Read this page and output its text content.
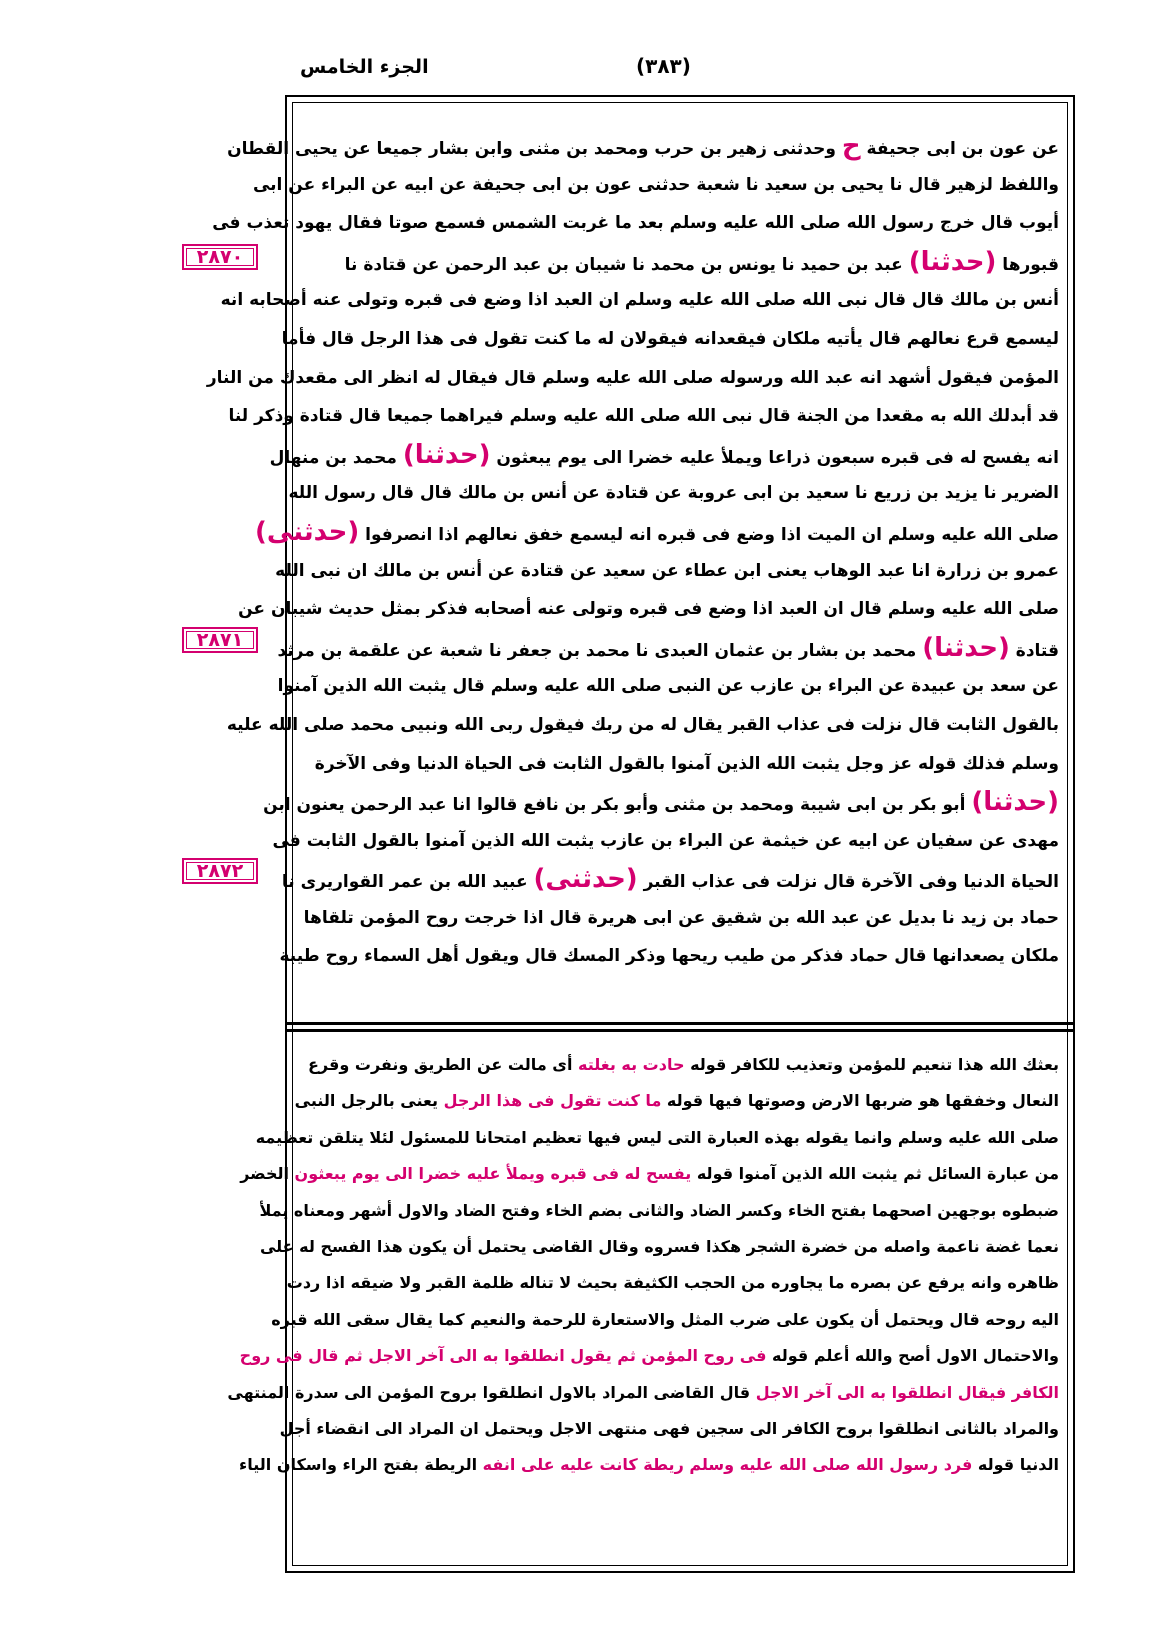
الجزء الخامس	(٣٨٣)
٢٨٧٠
٢٨٧١
٢٨٧٢
عن عون بن ابی جحیفة ح وحدثنی زھیر بن حرب ومحمد بن مثنی وابن بشار جمیعا عن یحیی القطان
واللفظ لزھیر قال نا یحیی بن سعید نا شعبة حدثنی عون بن ابی جحیفة عن ابیه عن البراء عن ابی
أیوب قال خرج رسول الله صلی الله علیه وسلم بعد ما غربت الشمس فسمع صوتا فقال یھود تعذب فی
قبورھا (حدثنا) عبد بن حمید نا یونس بن محمد نا شیبان بن عبد الرحمن عن قتادة نا
أنس بن مالك قال قال نبی الله صلی الله علیه وسلم ان العبد اذا وضع فی قبره وتولی عنه أصحابه انه
لیسمع قرع نعالھم قال یأتیه ملکان فیقعدانه فیقولان له ما کنت تقول فی ھذا الرجل قال فأما
المؤمن فیقول أشھد انه عبد الله ورسوله صلی الله علیه وسلم قال فیقال له انظر الی مقعدك من النار
قد أبدلك الله به مقعدا من الجنة قال نبی الله صلی الله علیه وسلم فیراھما جمیعا قال قتادة وذکر لنا
انه یفسح له فی قبره سبعون ذراعا ویملأ علیه خضرا الی یوم یبعثون (حدثنا) محمد بن منھال
الضریر نا یزید بن زریع نا سعید بن ابی عروبة عن قتادة عن أنس بن مالك قال قال رسول الله
صلی الله علیه وسلم ان المیت اذا وضع فی قبره انه لیسمع خفق نعالھم اذا انصرفوا (حدثنی)
عمرو بن زرارة انا عبد الوھاب یعنی ابن عطاء عن سعید عن قتادة عن أنس بن مالك ان نبی الله
صلی الله علیه وسلم قال ان العبد اذا وضع فی قبره وتولی عنه أصحابه فذکر بمثل حدیث شیبان عن
قتادة (حدثنا) محمد بن بشار بن عثمان العبدی نا محمد بن جعفر نا شعبة عن علقمة بن مرثد
عن سعد بن عبیدة عن البراء بن عازب عن النبی صلی الله علیه وسلم قال یثبت الله الذین آمنوا
بالقول الثابت قال نزلت فی عذاب القبر یقال له من ربك فیقول ربی الله ونبیی محمد صلی الله علیه
وسلم فذلك قوله عز وجل یثبت الله الذین آمنوا بالقول الثابت فی الحیاة الدنیا وفی الآخرة
(حدثنا) أبو بکر بن ابی شیبة ومحمد بن مثنی وأبو بکر بن نافع قالوا انا عبد الرحمن یعنون ابن
مھدی عن سفیان عن ابیه عن خیثمة عن البراء بن عازب یثبت الله الذین آمنوا بالقول الثابت فی
الحیاة الدنیا وفی الآخرة قال نزلت فی عذاب القبر (حدثنی) عبید الله بن عمر القواریری نا
حماد بن زید نا بدیل عن عبد الله بن شقیق عن ابی ھریرة قال اذا خرجت روح المؤمن تلقاھا
ملکان یصعدانھا قال حماد فذکر من طیب ریحھا وذکر المسك قال ویقول أھل السماء روح طیبة
بعثك الله ھذا تنعیم للمؤمن وتعذیب للکافر قوله حادت به بغلته أی مالت عن الطریق ونفرت وقرع
النعال وخفقھا ھو ضربھا الارض وصوتھا فیھا قوله ما کنت تقول فی ھذا الرجل یعنی بالرجل النبی
صلی الله علیه وسلم وانما یقوله بھذه العبارة التی لیس فیھا تعظیم امتحانا للمسئول لئلا یتلقن تعظیمه
من عبارة السائل ثم یثبت الله الذین آمنوا قوله یفسح له فی قبره ویملأ علیه خضرا الی یوم یبعثون الخضر
ضبطوه بوجھین اصحھما بفتح الخاء وکسر الضاد والثانی بضم الخاء وفتح الضاد والاول أشھر ومعناه یملأ
نعما غضة ناعمة واصله من خضرة الشجر ھکذا فسروه وقال القاضی یحتمل أن یکون ھذا الفسح له علی
ظاھره وانه یرفع عن بصره ما یجاوره من الحجب الکثیفة بحیث لا تناله ظلمة القبر ولا ضیقه اذا ردت
الیه روحه قال ویحتمل أن یکون علی ضرب المثل والاستعارة للرحمة والنعیم کما یقال سقی الله قبره
والاحتمال الاول أصح والله أعلم قوله فی روح المؤمن ثم یقول انطلقوا به الی آخر الاجل ثم قال فی روح
الکافر فیقال انطلقوا به الی آخر الاجل قال القاضی المراد بالاول انطلقوا بروح المؤمن الی سدرة المنتھی
والمراد بالثانی انطلقوا بروح الکافر الی سجین فھی منتھی الاجل ویحتمل ان المراد الی انقضاء أجل
الدنیا قوله فرد رسول الله صلی الله علیه وسلم ریطة کانت علیه علی انفه الریطة بفتح الراء واسکان الیاء
